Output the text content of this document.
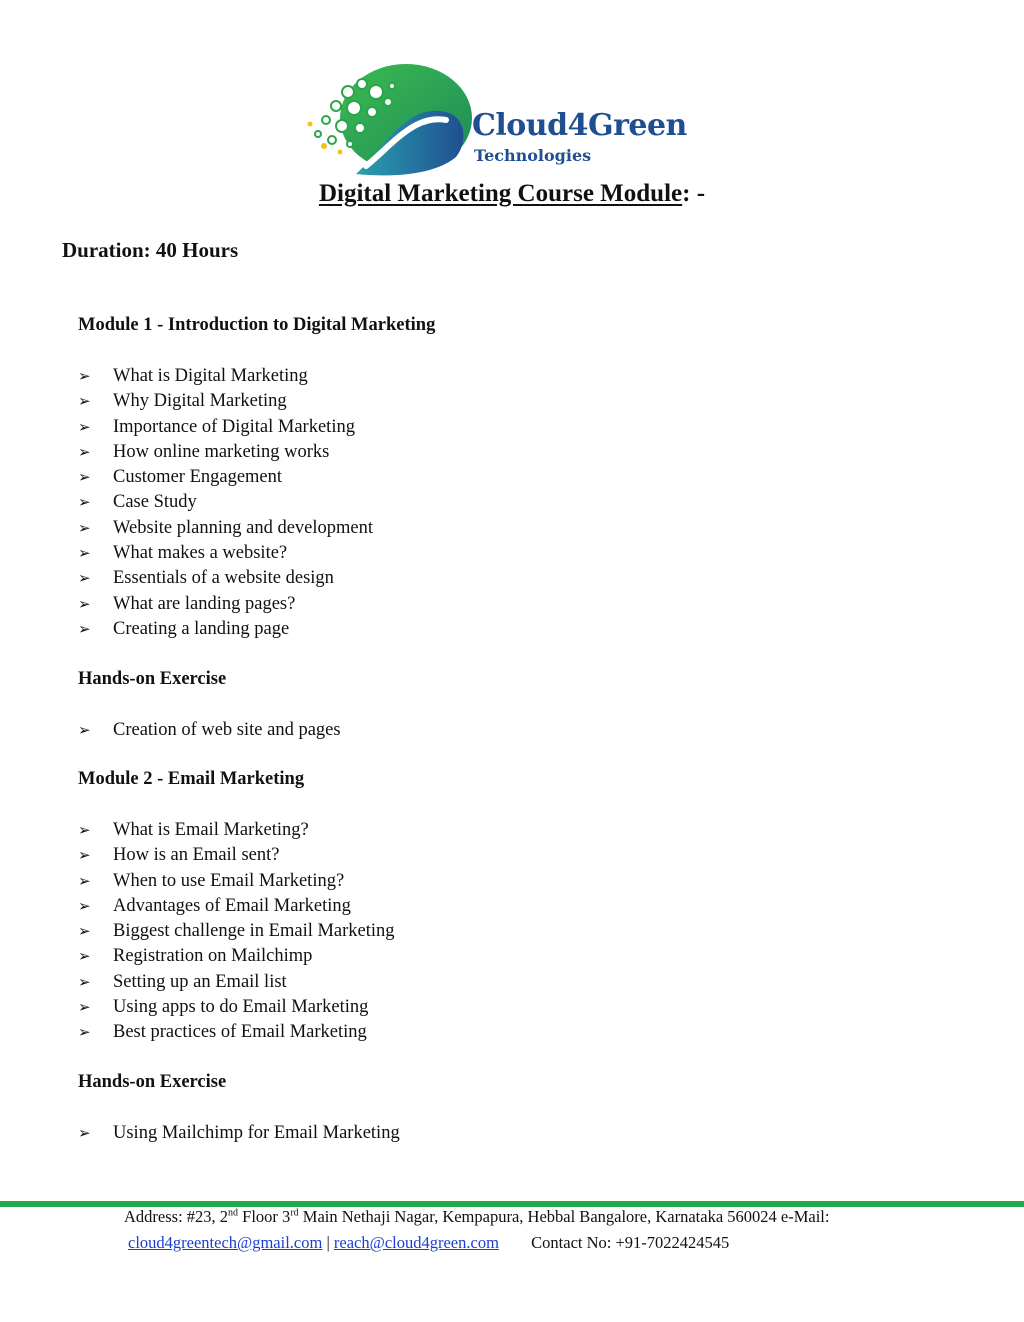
Cloud4Green
Technologies
Digital Marketing Course Module: -
Duration: 40 Hours
Module 1 - Introduction to Digital Marketing
➢	What is Digital Marketing
➢	Why Digital Marketing
➢	Importance of Digital Marketing
➢	How online marketing works
➢	Customer Engagement
➢	Case Study
➢	Website planning and development
➢	What makes a website?
➢	Essentials of a website design
➢	What are landing pages?
➢	Creating a landing page
Hands-on Exercise
➢	Creation of web site and pages
Module 2 - Email Marketing
➢	What is Email Marketing?
➢	How is an Email sent?
➢	When to use Email Marketing?
➢	Advantages of Email Marketing
➢	Biggest challenge in Email Marketing
➢	Registration on Mailchimp
➢	Setting up an Email list
➢	Using apps to do Email Marketing
➢	Best practices of Email Marketing
Hands-on Exercise
➢	Using Mailchimp for Email Marketing
Address: #23, 2nd Floor 3rd Main Nethaji Nagar, Kempapura, Hebbal Bangalore, Karnataka 560024 e-Mail:
cloud4greentech@gmail.com | reach@cloud4green.com Contact No: +91-7022424545
